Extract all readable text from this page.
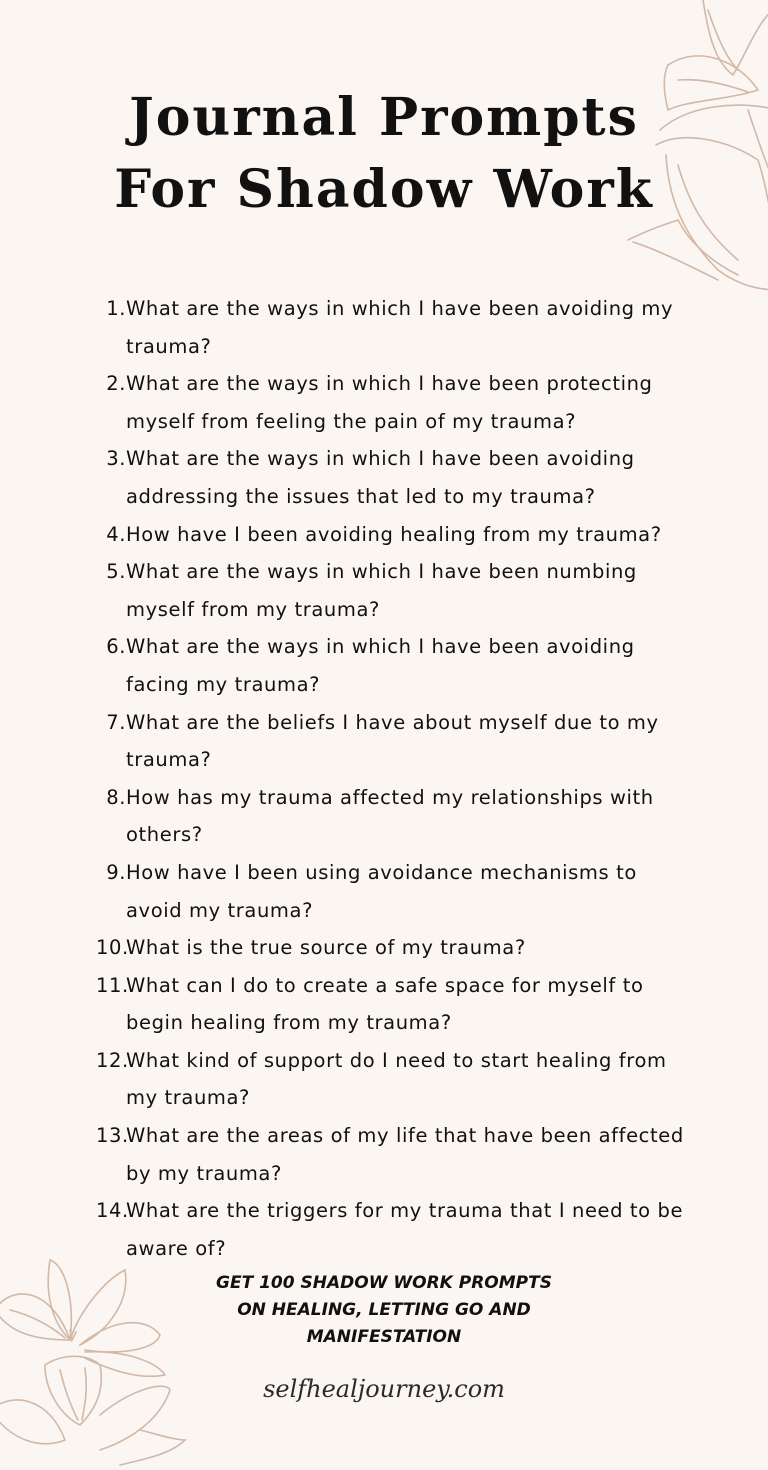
Journal Prompts
For Shadow Work
1. What are the ways in which I have been avoiding my trauma?
2. What are the ways in which I have been protecting myself from feeling the pain of my trauma?
3. What are the ways in which I have been avoiding addressing the issues that led to my trauma?
4. How have I been avoiding healing from my trauma?
5. What are the ways in which I have been numbing myself from my trauma?
6. What are the ways in which I have been avoiding facing my trauma?
7. What are the beliefs I have about myself due to my trauma?
8. How has my trauma affected my relationships with others?
9. How have I been using avoidance mechanisms to avoid my trauma?
10.
What is the true source of my trauma?
11.
What can I do to create a safe space for myself to begin healing from my trauma?
12.
What kind of support do I need to start healing from my trauma?
13.
What are the areas of my life that have been affected by my trauma?
14.
What are the triggers for my trauma that I need to be aware of?

GET 100 SHADOW WORK PROMPTS
ON HEALING, LETTING GO AND
MANIFESTATION

selfhealjourney.com
